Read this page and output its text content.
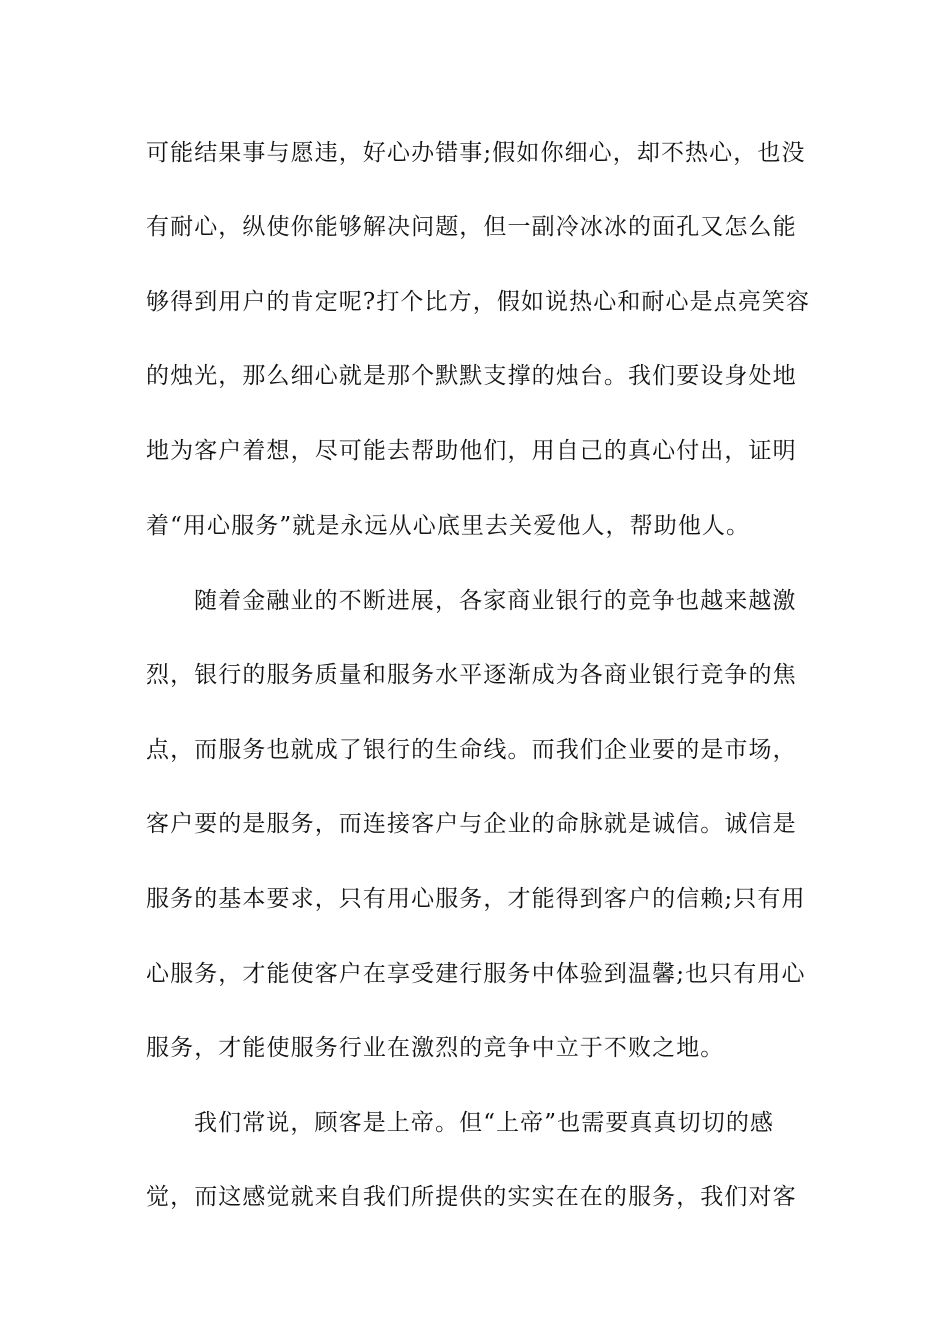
可能结果事与愿违，好心办错事;假如你细心，却不热心，也没
有耐心，纵使你能够解决问题，但一副冷冰冰的面孔又怎么能
够得到用户的肯定呢?打个比方，假如说热心和耐心是点亮笑容
的烛光，那么细心就是那个默默支撑的烛台。我们要设身处地
地为客户着想，尽可能去帮助他们，用自己的真心付出，证明
着“用心服务”就是永远从心底里去关爱他人，帮助他人。
随着金融业的不断进展，各家商业银行的竞争也越来越激
烈，银行的服务质量和服务水平逐渐成为各商业银行竞争的焦
点，而服务也就成了银行的生命线。而我们企业要的是市场，
客户要的是服务，而连接客户与企业的命脉就是诚信。诚信是
服务的基本要求，只有用心服务，才能得到客户的信赖;只有用
心服务，才能使客户在享受建行服务中体验到温馨;也只有用心
服务，才能使服务行业在激烈的竞争中立于不败之地。
我们常说，顾客是上帝。但“上帝”也需要真真切切的感
觉，而这感觉就来自我们所提供的实实在在的服务，我们对客
